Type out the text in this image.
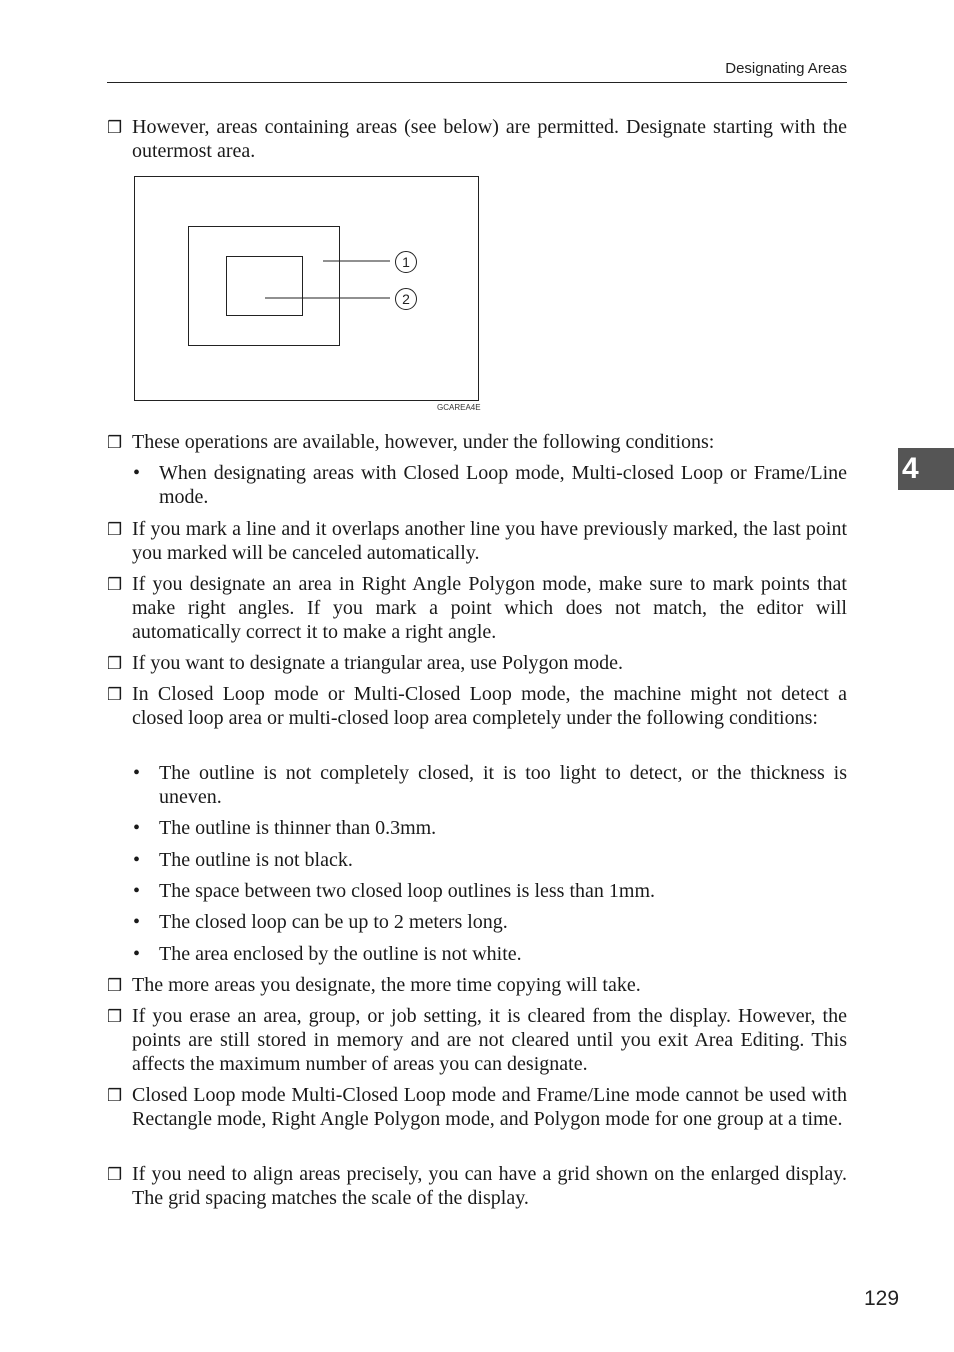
Designating Areas
4
❒ However, areas containing areas (see below) are permitted. Designate starting with the outermost area.
1
2
GCAREA4E
❒ These operations are available, however, under the following conditions:
• When designating areas with Closed Loop mode, Multi-closed Loop or Frame/Line mode.
❒ If you mark a line and it overlaps another line you have previously marked, the last point you marked will be canceled automatically.
❒ If you designate an area in Right Angle Polygon mode, make sure to mark points that make right angles. If you mark a point which does not match, the editor will automatically correct it to make a right angle.
❒ If you want to designate a triangular area, use Polygon mode.
❒ In Closed Loop mode or Multi-Closed Loop mode, the machine might not detect a closed loop area or multi-closed loop area completely under the following conditions:
• The outline is not completely closed, it is too light to detect, or the thickness is uneven.
• The outline is thinner than 0.3mm.
• The outline is not black.
• The space between two closed loop outlines is less than 1mm.
• The closed loop can be up to 2 meters long.
• The area enclosed by the outline is not white.
❒ The more areas you designate, the more time copying will take.
❒ If you erase an area, group, or job setting, it is cleared from the display. However, the points are still stored in memory and are not cleared until you exit Area Editing. This affects the maximum number of areas you can designate.
❒ Closed Loop mode Multi-Closed Loop mode and Frame/Line mode cannot be used with Rectangle mode, Right Angle Polygon mode, and Polygon mode for one group at a time.
❒ If you need to align areas precisely, you can have a grid shown on the enlarged display. The grid spacing matches the scale of the display.
129
